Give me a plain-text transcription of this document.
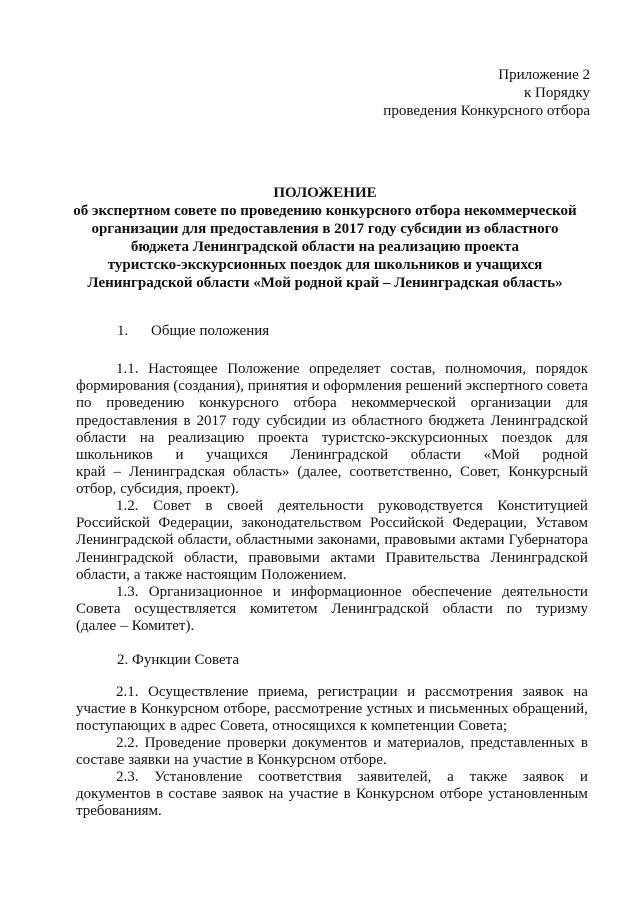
Приложение 2
к Порядку
проведения Конкурсного отбора
ПОЛОЖЕНИЕ
об экспертном совете по проведению конкурсного отбора некоммерческой
организации для предоставления в 2017 году субсидии из областного
бюджета Ленинградской области на реализацию проекта
туристско-экскурсионных поездок для школьников и учащихся
Ленинградской области «Мой родной край – Ленинградская область»
1. Общие положения
1.1. Настоящее Положение определяет состав, полномочия, порядок
формирования (создания), принятия и оформления решений экспертного совета
по проведению конкурсного отбора некоммерческой организации для
предоставления в 2017 году субсидии из областного бюджета Ленинградской
области на реализацию проекта туристско-экскурсионных поездок для
школьников и учащихся Ленинградской области «Мой родной
край – Ленинградская область» (далее, соответственно, Совет, Конкурсный
отбор, субсидия, проект).
1.2. Совет в своей деятельности руководствуется Конституцией
Российской Федерации, законодательством Российской Федерации, Уставом
Ленинградской области, областными законами, правовыми актами Губернатора
Ленинградской области, правовыми актами Правительства Ленинградской
области, а также настоящим Положением.
1.3. Организационное и информационное обеспечение деятельности
Совета осуществляется комитетом Ленинградской области по туризму
(далее – Комитет).
2. Функции Совета
2.1. Осуществление приема, регистрации и рассмотрения заявок на
участие в Конкурсном отборе, рассмотрение устных и письменных обращений,
поступающих в адрес Совета, относящихся к компетенции Совета;
2.2. Проведение проверки документов и материалов, представленных в
составе заявки на участие в Конкурсном отборе.
2.3. Установление соответствия заявителей, а также заявок и
документов в составе заявок на участие в Конкурсном отборе установленным
требованиям.
